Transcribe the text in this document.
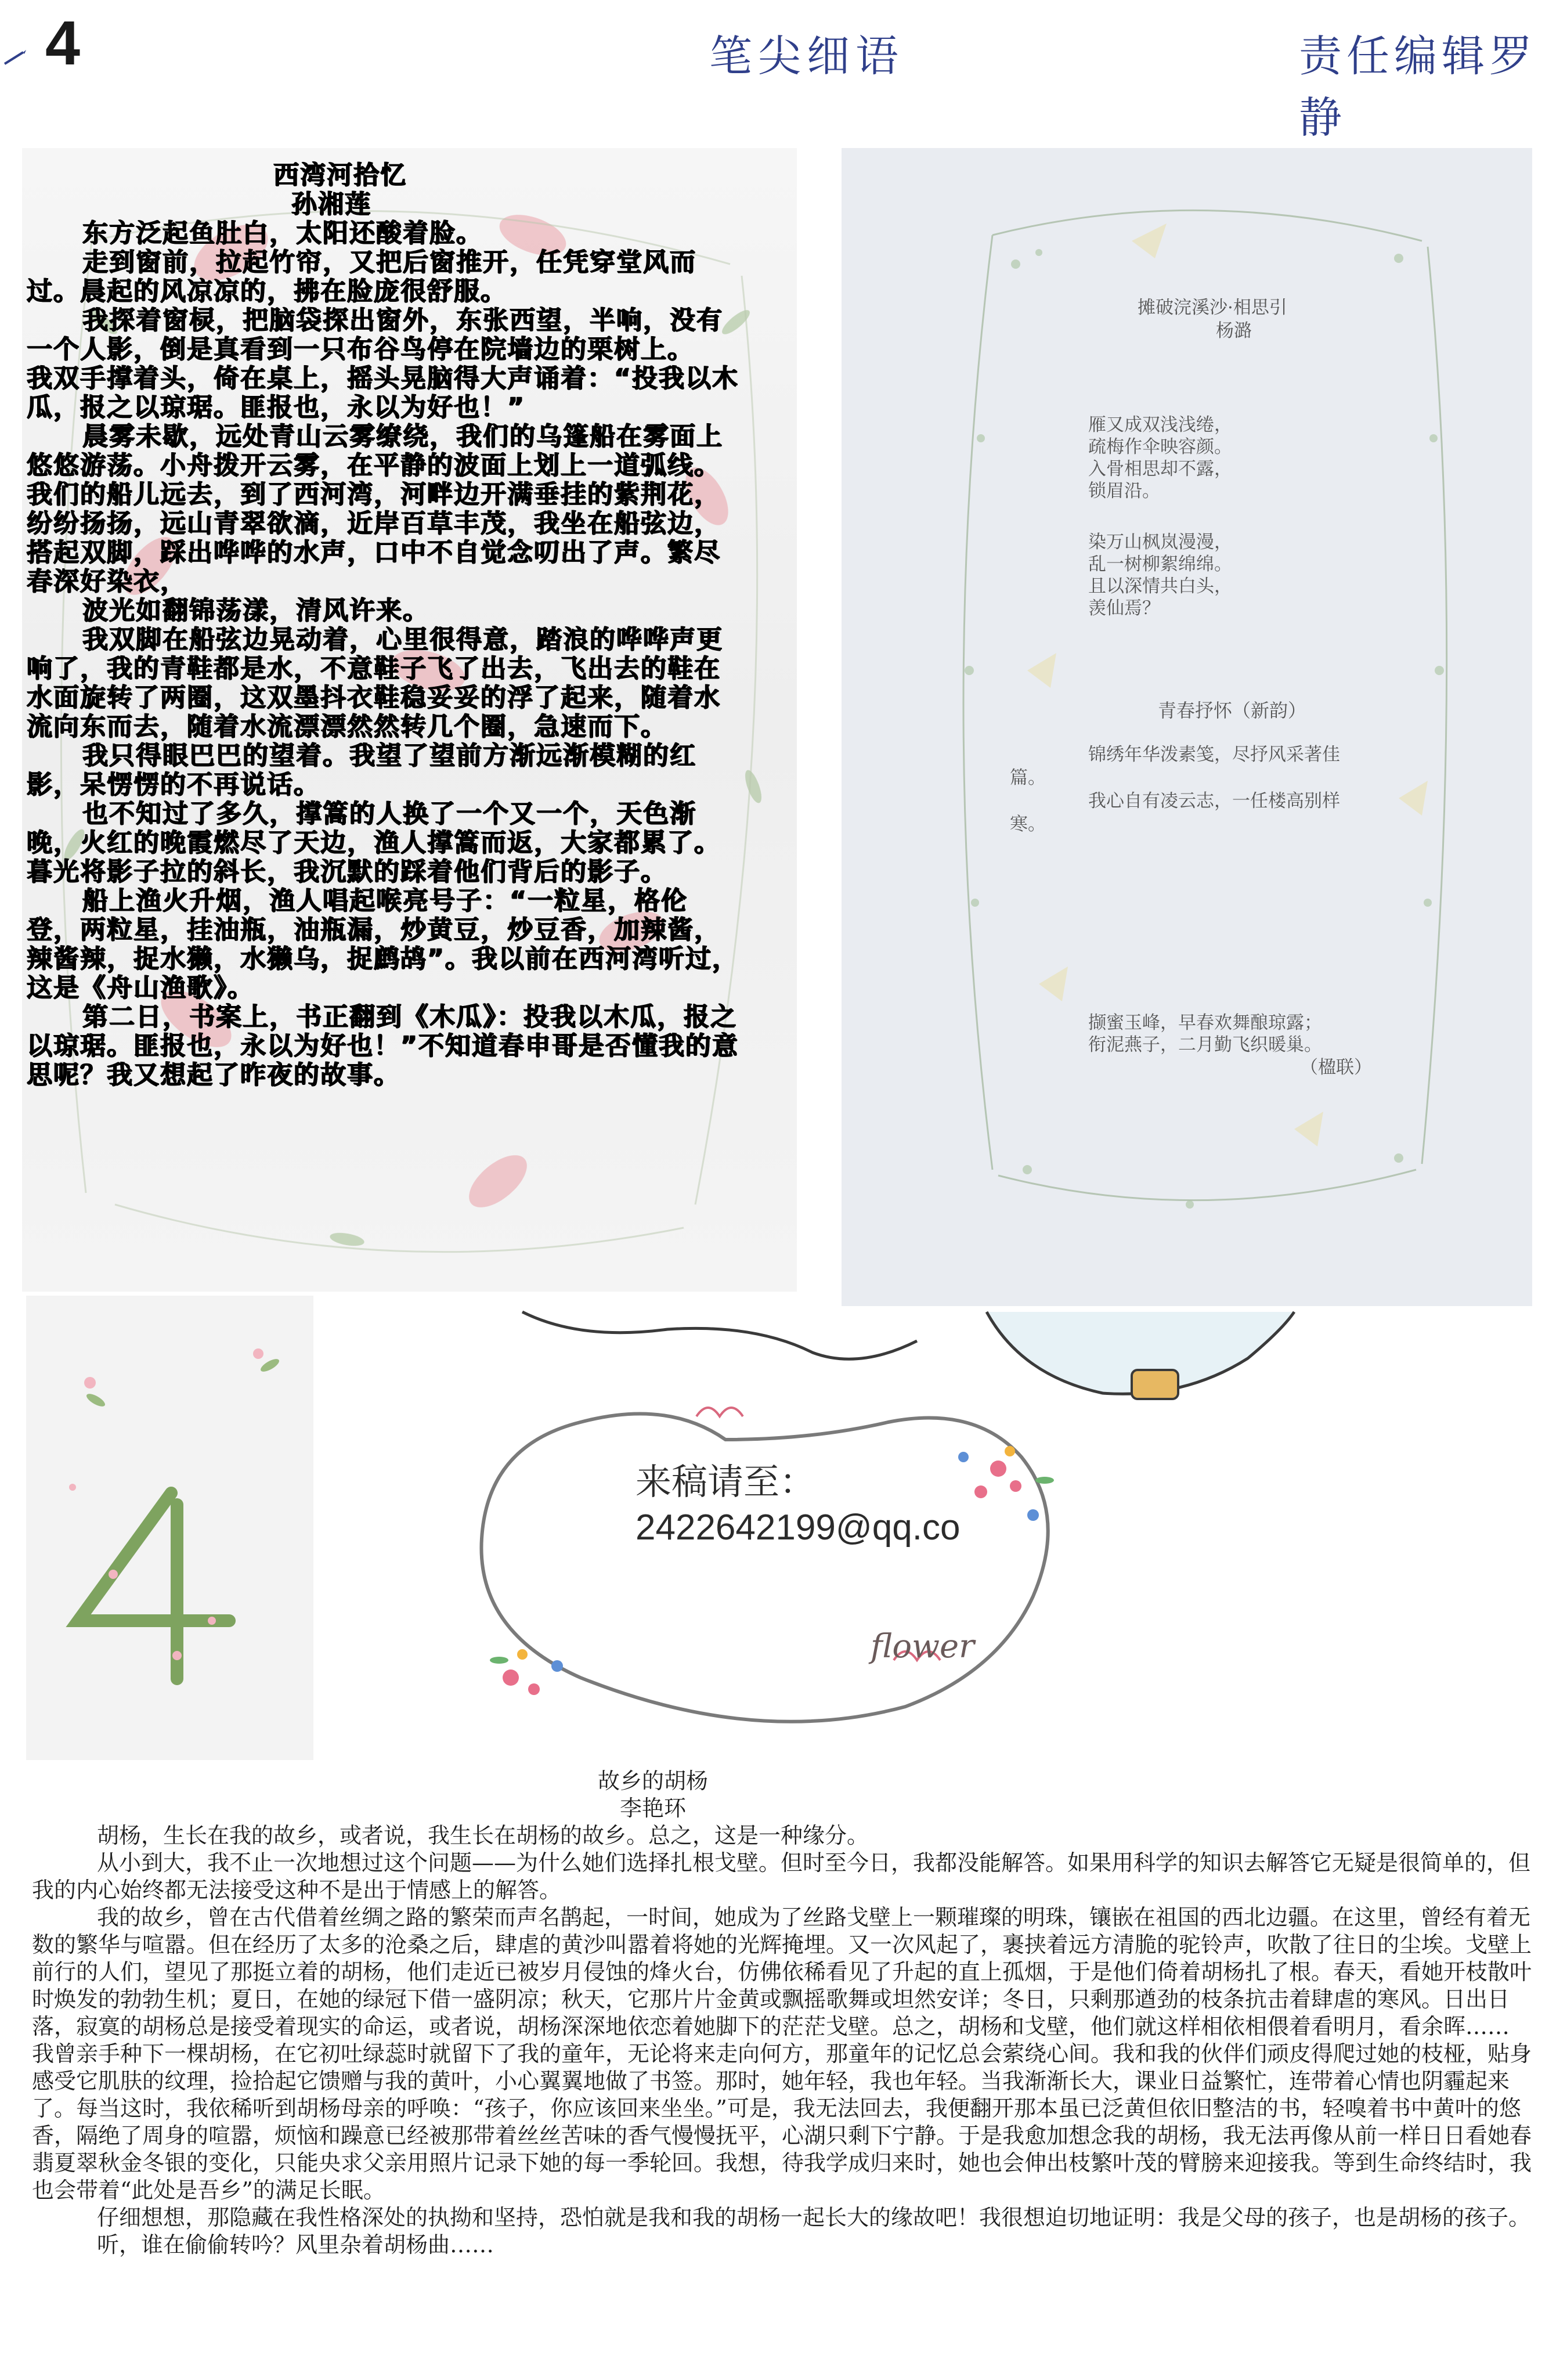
4	笔尖细语	责任编辑罗静
西湾河拾忆
孙湘莲

东方泛起鱼肚白，太阳还酸着脸。

走到窗前，拉起竹帘，又把后窗推开，任凭穿堂风而过。晨起的风凉凉的，拂在脸庞很舒服。

我探着窗棂，把脑袋探出窗外，东张西望，半响，没有一个人影，倒是真看到一只布谷鸟停在院墙边的栗树上。

我双手撑着头，倚在桌上，摇头晃脑得大声诵着：“投我以木瓜，报之以琼琚。匪报也，永以为好也！”

晨雾未歇，远处青山云雾缭绕，我们的乌篷船在雾面上悠悠游荡。小舟拨开云雾，在平静的波面上划上一道弧线。我们的船儿远去，到了西河湾，河畔边开满垂挂的紫荆花，纷纷扬扬，远山青翠欲滴，近岸百草丰茂，我坐在船弦边，搭起双脚，踩出哗哗的水声，口中不自觉念叨出了声。繁尽春深好染衣，

波光如翻锦荡漾，清风许来。

我双脚在船弦边晃动着，心里很得意，踏浪的哗哗声更响了，我的青鞋都是水，不意鞋子飞了出去，飞出去的鞋在水面旋转了两圈，这双墨抖衣鞋稳妥妥的浮了起来，随着水流向东而去，随着水流漂漂然然转几个圈，急速而下。

我只得眼巴巴的望着。我望了望前方渐远渐模糊的红影，呆愣愣的不再说话。

也不知过了多久，撑篙的人换了一个又一个，天色渐晚，火红的晚霞燃尽了天边，渔人撑篙而返，大家都累了。

暮光将影子拉的斜长，我沉默的踩着他们背后的影子。

船上渔火升烟，渔人唱起喉亮号子：“一粒星，格伦登，两粒星，挂油瓶，油瓶漏，炒黄豆，炒豆香，加辣酱，辣酱辣，捉水獭，水獭乌，捉鹧鸪”。我以前在西河湾听过，这是《舟山渔歌》。

第二日，书案上，书正翻到《木瓜》：投我以木瓜，报之以琼琚。匪报也，永以为好也！”不知道春申哥是否懂我的意思呢？我又想起了昨夜的故事。

摊破浣溪沙·相思引
杨潞
雁又成双浅浅绻，
疏梅作伞映容颜。
入骨相思却不露，
锁眉沿。
染万山枫岚漫漫，
乱一树柳絮绵绵。
且以深情共白头，
羡仙焉？
青春抒怀（新韵）
锦绣年华泼素笺，尽抒风采著佳
篇。
我心自有凌云志，一任楼高别样
寒。
撷蜜玉峰，早春欢舞酿琼露；
衔泥燕子，二月勤飞织暖巢。
（楹联）
flower
来稿请至：
2422642199@qq.co
故乡的胡杨
李艳环

胡杨，生长在我的故乡，或者说，我生长在胡杨的故乡。总之，这是一种缘分。

从小到大，我不止一次地想过这个问题——为什么她们选择扎根戈壁。但时至今日，我都没能解答。如果用科学的知识去解答它无疑是很简单的，但我的内心始终都无法接受这种不是出于情感上的解答。

我的故乡，曾在古代借着丝绸之路的繁荣而声名鹊起，一时间，她成为了丝路戈壁上一颗璀璨的明珠，镶嵌在祖国的西北边疆。在这里，曾经有着无数的繁华与喧嚣。但在经历了太多的沧桑之后，肆虐的黄沙叫嚣着将她的光辉掩埋。又一次风起了，裹挟着远方清脆的驼铃声，吹散了往日的尘埃。戈壁上前行的人们，望见了那挺立着的胡杨，他们走近已被岁月侵蚀的烽火台，仿佛依稀看见了升起的直上孤烟，于是他们倚着胡杨扎了根。春天，看她开枝散叶时焕发的勃勃生机；夏日，在她的绿冠下借一盛阴凉；秋天，它那片片金黄或飘摇歌舞或坦然安详；冬日，只剩那遒劲的枝条抗击着肆虐的寒风。日出日落，寂寞的胡杨总是接受着现实的命运，或者说，胡杨深深地依恋着她脚下的茫茫戈壁。总之，胡杨和戈壁，他们就这样相依相偎着看明月，看余晖……

我曾亲手种下一棵胡杨，在它初吐绿蕊时就留下了我的童年，无论将来走向何方，那童年的记忆总会萦绕心间。我和我的伙伴们顽皮得爬过她的枝桠，贴身感受它肌肤的纹理，捡拾起它馈赠与我的黄叶，小心翼翼地做了书签。那时，她年轻，我也年轻。当我渐渐长大，课业日益繁忙，连带着心情也阴霾起来了。每当这时，我依稀听到胡杨母亲的呼唤：“孩子，你应该回来坐坐。”可是，我无法回去，我便翻开那本虽已泛黄但依旧整洁的书，轻嗅着书中黄叶的悠香，隔绝了周身的喧嚣，烦恼和躁意已经被那带着丝丝苦味的香气慢慢抚平，心湖只剩下宁静。于是我愈加想念我的胡杨，我无法再像从前一样日日看她春翡夏翠秋金冬银的变化，只能央求父亲用照片记录下她的每一季轮回。我想，待我学成归来时，她也会伸出枝繁叶茂的臂膀来迎接我。等到生命终结时，我也会带着“此处是吾乡”的满足长眠。

仔细想想，那隐藏在我性格深处的执拗和坚持，恐怕就是我和我的胡杨一起长大的缘故吧！我很想迫切地证明：我是父母的孩子，也是胡杨的孩子。

听，谁在偷偷转吟？风里杂着胡杨曲……
